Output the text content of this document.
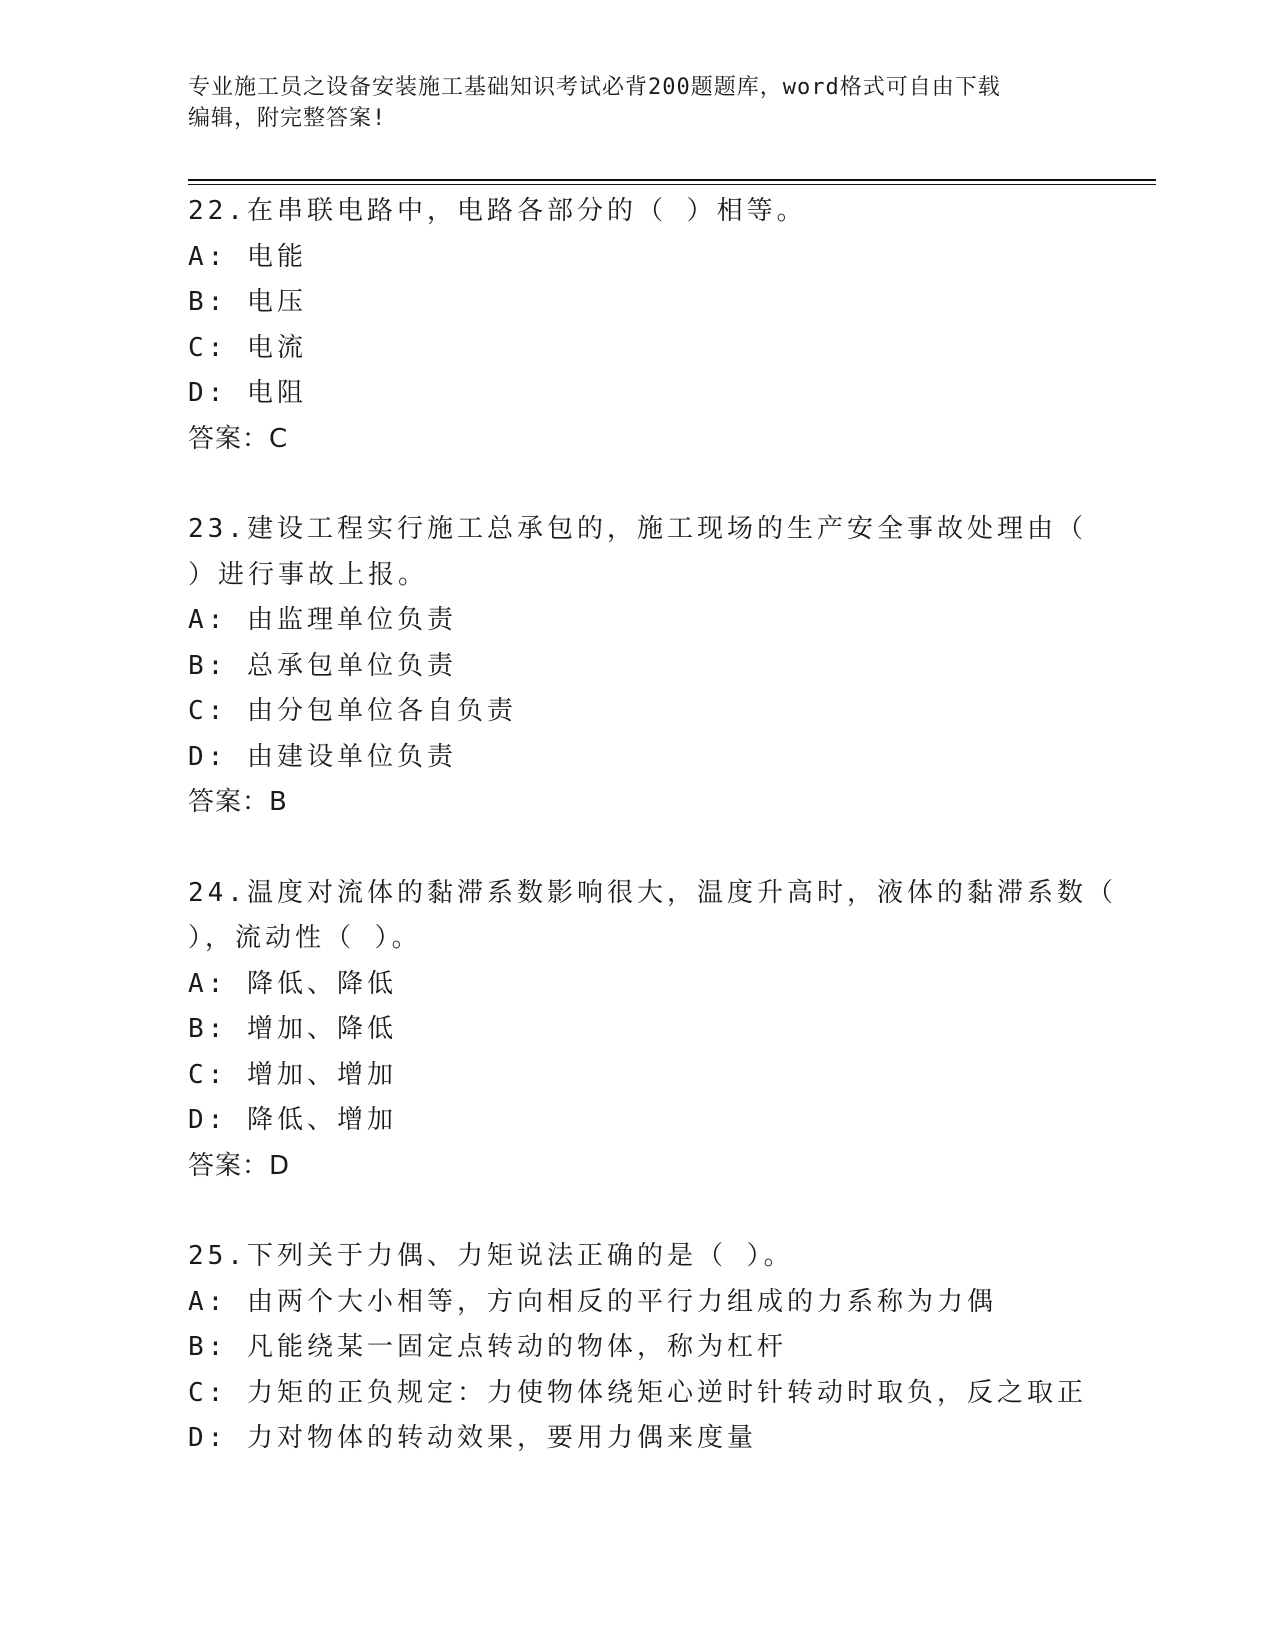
专业施工员之设备安装施工基础知识考试必背200题题库，word格式可自由下载
编辑，附完整答案!
22.在串联电路中，电路各部分的（ ）相等。
A: 电能
B: 电压
C: 电流
D: 电阻
答案：C
23.建设工程实行施工总承包的，施工现场的生产安全事故处理由（
）进行事故上报。
A: 由监理单位负责
B: 总承包单位负责
C: 由分包单位各自负责
D: 由建设单位负责
答案：B
24.温度对流体的黏滞系数影响很大，温度升高时，液体的黏滞系数（
），流动性（ ）。
A: 降低、降低
B: 增加、降低
C: 增加、增加
D: 降低、增加
答案：D
25.下列关于力偶、力矩说法正确的是（ ）。
A: 由两个大小相等，方向相反的平行力组成的力系称为力偶
B: 凡能绕某一固定点转动的物体，称为杠杆
C: 力矩的正负规定：力使物体绕矩心逆时针转动时取负，反之取正
D: 力对物体的转动效果，要用力偶来度量
